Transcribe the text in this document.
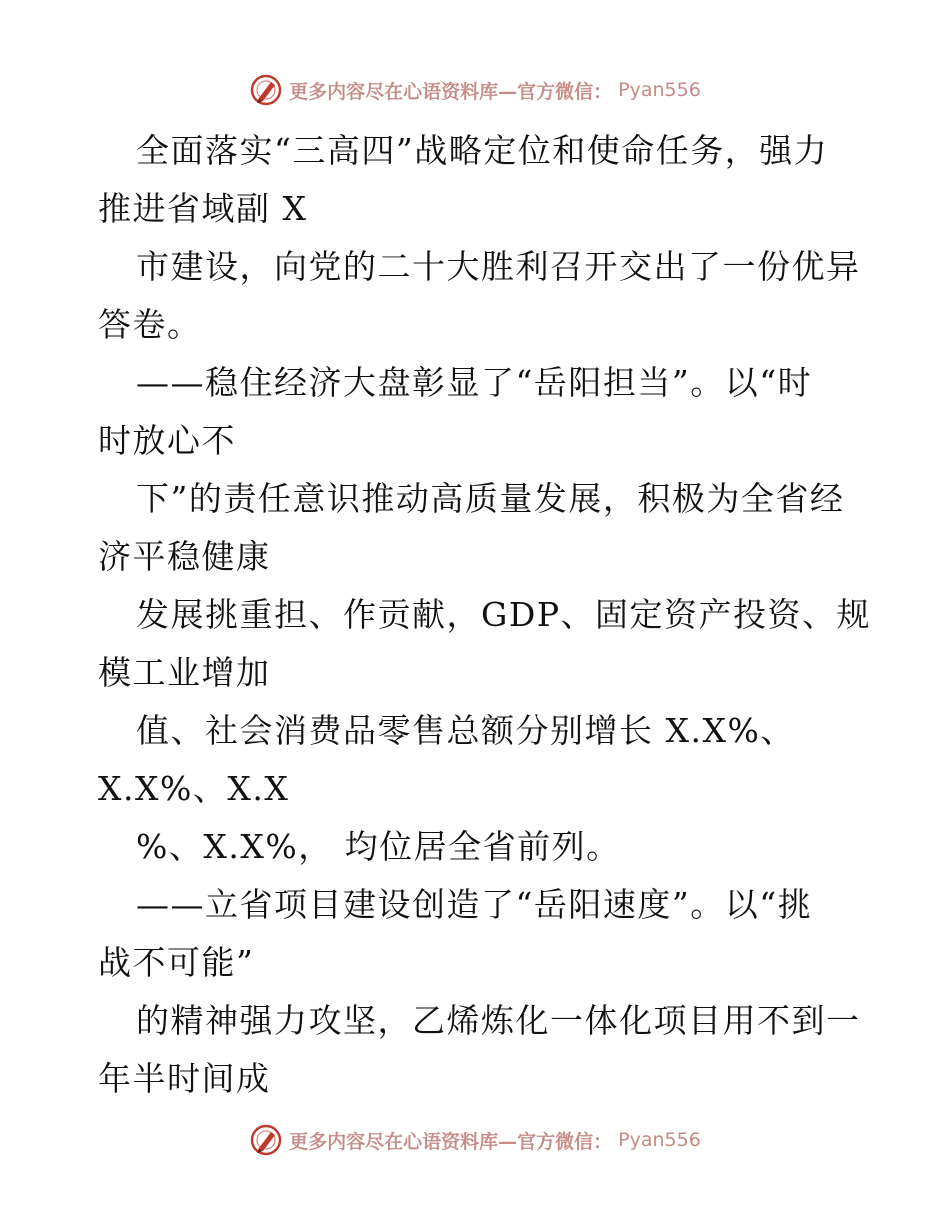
更多内容尽在心语资料库—官方微信： Pyan556
全面落实“三高四”战略定位和使命任务，强力
推进省域副 X
市建设，向党的二十大胜利召开交出了一份优异
答卷。
——稳住经济大盘彰显了“岳阳担当”。以“时
时放心不
下”的责任意识推动高质量发展，积极为全省经
济平稳健康
发展挑重担、作贡献，GDP、固定资产投资、规
模工业增加
值、社会消费品零售总额分别增长 X.X%、
X.X%、X.X
%、X.X%， 均位居全省前列。
——立省项目建设创造了“岳阳速度”。以“挑
战不可能”
的精神强力攻坚，乙烯炼化一体化项目用不到一
年半时间成
更多内容尽在心语资料库—官方微信： Pyan556
